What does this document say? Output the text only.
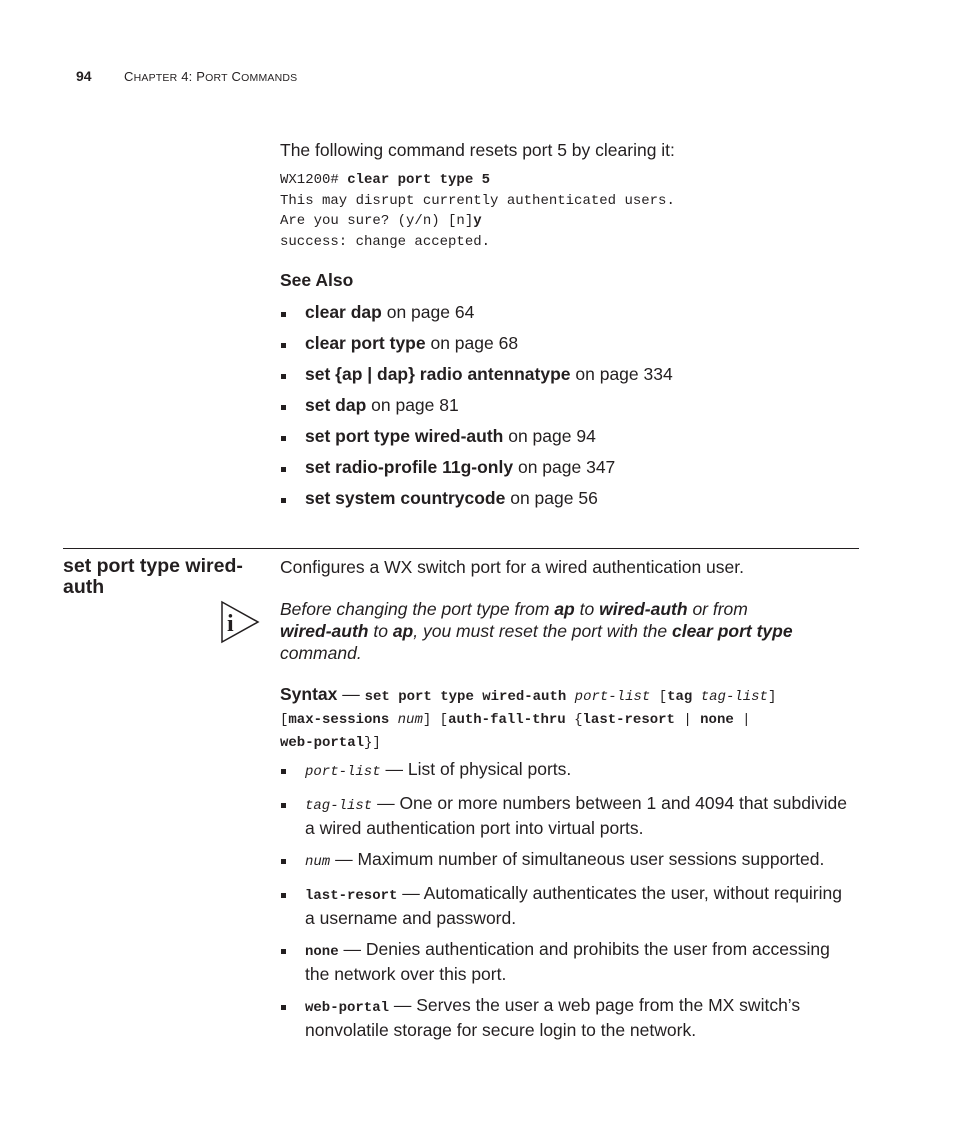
94 CHAPTER 4: PORT COMMANDS
The following command resets port 5 by clearing it:
WX1200# clear port type 5
This may disrupt currently authenticated users.
Are you sure? (y/n) [n]y
success: change accepted.
See Also
clear dap on page 64
clear port type on page 68
set {ap | dap} radio antennatype on page 334
set dap on page 81
set port type wired-auth on page 94
set radio-profile 11g-only on page 347
set system countrycode on page 56
set port type wired-auth
Configures a WX switch port for a wired authentication user.
i
Before changing the port type from ap to wired-auth or from
wired-auth to ap, you must reset the port with the clear port type
command.
Syntax — set port type wired-auth port-list [tag tag-list]
[max-sessions num] [auth-fall-thru {last-resort | none |
web-portal}]
port-list — List of physical ports.
tag-list — One or more numbers between 1 and 4094 that subdivide a wired authentication port into virtual ports.
num — Maximum number of simultaneous user sessions supported.
last-resort — Automatically authenticates the user, without requiring a username and password.
none — Denies authentication and prohibits the user from accessing the network over this port.
web-portal — Serves the user a web page from the MX switch’s nonvolatile storage for secure login to the network.
